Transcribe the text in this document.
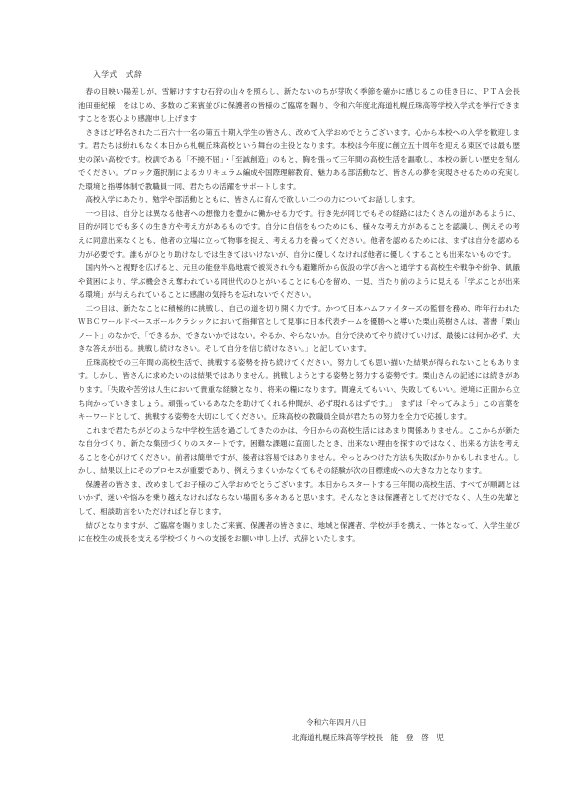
入学式　式辞

春の目映い陽差しが、雪解けすすむ石狩の山々を照らし、新たないのちが芽吹く季節を確かに感じるこの佳き日に、ＰＴＡ会長　池田亜紀様　をはじめ、多数のご来賓並びに保護者の皆様のご臨席を賜り、令和六年度北海道札幌丘珠高等学校入学式を挙行できますことを衷心より感謝申し上げます

さきほど呼名された二百六十一名の第五十期入学生の皆さん、改めて入学おめでとうございます。心から本校への入学を歓迎します。君たちは紛れもなく本日から札幌丘珠高校という舞台の主役となります。本校は今年度に創立五十周年を迎える東区では最も歴史の深い高校です。校訓である「不撓不屈」・「至誠創造」のもと、胸を張って三年間の高校生活を謳歌し、本校の新しい歴史を刻んでください。ブロック選択制によるカリキュラム編成や国際理解教育、魅力ある部活動など、皆さんの夢を実現させるための充実した環境と指導体制で教職員一同、君たちの活躍をサポートします。

高校入学にあたり、勉学や部活動とともに、皆さんに育んで欲しい二つの力についてお話しします。

一つ目は、自分とは異なる他者への想像力を豊かに働かせる力です。行き先が同じでもその経路にはたくさんの道があるように、目的が同じでも多くの生き方や考え方があるものです。自分に自信をもつためにも、様々な考え方があることを認識し、例えその考えに同意出来なくとも、他者の立場に立って物事を捉え、考える力を養ってください。他者を認めるためには、まずは自分を認める力が必要です。誰もがひとり助けなしでは生きてはいけないが、自分に優しくなければ他者に優しくすることも出来ないものです。

国内外へと視野を広げると、元旦の能登半島地震で被災され今も避難所から仮設の学び舎へと通学する高校生や戦争や紛争、飢餓や貧困により、学ぶ機会さえ奪われている同世代のひとがいることにも心を留め、一見、当たり前のように見える「学ぶことが出来る環境」が与えられていることに感謝の気持ちを忘れないでください。

二つ目は、新たなことに積極的に挑戦し、自己の道を切り開く力です。かつて日本ハムファイターズの監督を務め、昨年行われたＷＢＣワールドベースボールクラシックにおいて指揮官として見事に日本代表チームを優勝へと導いた栗山英樹さんは、著書「栗山ノート」のなかで、「できるか、できないかではない。やるか、やらないか。自分で決めてやり続けていけば、最後には何か必ず、大きな答えが出る。挑戦し続けなさい。そして自分を信じ続けなさい。」と記しています。

丘珠高校での三年間の高校生活で、挑戦する姿勢を持ち続けてください。努力しても思い描いた結果が得られないこともあります。しかし、皆さんに求めたいのは結果ではありません。挑戦しようとする姿勢と努力する姿勢です。栗山さんの記述には続きがあります。「失敗や苦労は人生において貴重な経験となり、将来の糧になります。間違えてもいい、失敗してもいい。逆境に正面から立ち向かっていきましょう。頑張っているあなたを助けてくれる仲間が、必ず現れるはずです。」　まずは「やってみよう」この言葉をキーワードとして、挑戦する姿勢を大切にしてください。丘珠高校の教職員全員が君たちの努力を全力で応援します。

これまで君たちがどのような中学校生活を過ごしてきたのかは、今日からの高校生活にはあまり関係ありません。ここからが新たな自分づくり、新たな集団づくりのスタートです。困難な課題に直面したとき、出来ない理由を探すのではなく、出来る方法を考えることを心がけてください。前者は簡単ですが、後者は容易ではありません。やっとみつけた方法も失敗ばかりかもしれません。しかし、結果以上にそのプロセスが重要であり、例えうまくいかなくてもその経験が次の目標達成への大きな力となります。

保護者の皆さま、改めましてお子様のご入学おめでとうございます。本日からスタートする三年間の高校生活、すべてが順調とはいかず、迷いや悩みを乗り越えなければならない場面も多々あると思います。そんなときは保護者としてだけでなく、人生の先輩として、相談助言をいただければと存じます。

結びとなりますが、ご臨席を賜りましたご来賓、保護者の皆さまに、地域と保護者、学校が手を携え、一体となって、入学生並びに在校生の成長を支える学校づくりへの支援をお願い申し上げ、式辞といたします。

令和六年四月八日
北海道札幌丘珠高等学校長　能　登　啓　児
